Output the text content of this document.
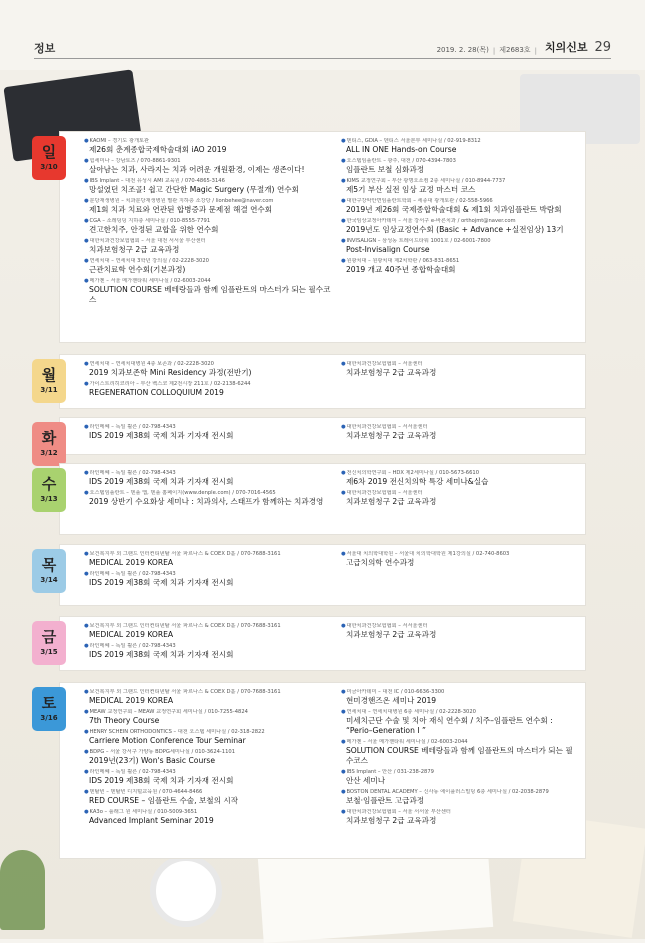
정보	2019. 2. 28(목) | 제2683호 | 치의신보 29
일
3/10
●KAOMI – 경기도 광개토관
제26회 춘계종합국제학술대회 iAO 2019
●힘세미나 – 강남토즈 / 070-8861-9301
살아남는 치과, 사라지는 치과 어려운 개원환경, 이제는 생존이다!
●IBS Implant – 대전 유성시 AMI 교육원 / 070-4865-3146
망설였던 치조골! 쉽고 간단한 Magic Surgery (무절개) 연수회
●분당재생병원 – 치과분당재생병원 별관 지하층 소강당 / lionbehee@naver.com
제1회 치과 치료와 연관된 합병증과 문제점 해결 연수회
●CGA – 소레딩딩 지하층 세미나실 / 010-8555-7791
견고한치주, 안정된 교합을 위한 연수회
●대한치과건강보험협회 – 서울 대전 서서울 부산센터
치과보험청구 2급 교육과정
●연세치대 – 연세치대 3학년 강의실 / 02-2228-3020
근관치료학 연수회(기본과정)
●메가젠 – 서울 메가젠타워 세미나실 / 02-6003-2044
SOLUTION COURSE 베테랑들과 함께 임플란트의 마스터가 되는 필수코스
●덴티스, GDIA – 덴티스 서울본부 세미나실 / 02-919-8312
ALL IN ONE Hands-on Course
●오스템임플란트 – 광주, 대전 / 070-4394-7803
임플란트 보철 심화과정
●KIMS 교정연구회 – 부산 광명오소컴 2층 세미나실 / 010-8944-7737
제5기 부산 실전 임상 교정 마스터 코스
●대한구강악안면임플란트학회 – 세종대 광개토관 / 02-558-5966
2019년 제26회 국제종합학술대회 & 제1회 치과임플란트 박람회
●한국임상교정아카데미 – 서울 강서구 e-바른치과 / orthojmt@naver.com
2019년도 임상교정연수회 (Basic + Advance +실전임상) 13기
●INVISALIGN – 삼성동 트레이드타워 1001호 / 02-6001-7800
Post-Invisalign Course
●원광치대 – 원광치대 제2치학관 / 063-831-8651
2019 개교 40주년 종합학술대회
월
3/11
●연세치대 – 연세치대병원 4층 보존과 / 02-2228-3020
2019 치과보존학 Mini Residency 과정(전반기)
●가이스트리히코리아 – 부산 벡스코 제2전시장 211호 / 02-2138-6244
REGENERATION COLLOQUIUM 2019
●대한치과건강보험협회 – 서울센터
치과보험청구 2급 교육과정
화
3/12
●라인메쎄 – 독일 쾰른 / 02-798-4343
IDS 2019 제38회 국제 치과 기자재 전시회
●대한치과건강보험협회 – 서서울센터
치과보험청구 2급 교육과정
수
3/13
●라인메쎄 – 독일 쾰른 / 02-798-4343
IDS 2019 제38회 국제 치과 기자재 전시회
●오스템임플란트 – 덴플 앱, 덴플 홈페이지(www.denple.com) / 070-7016-4565
2019 상반기 수요화상 세미나 : 치과의사, 스태프가 함께하는 치과경영
●전신치의학연구회 – HDX 제2세미나실 / 010-5673-6610
제6차 2019 전신치의학 특강 세미나&실습
●대한치과건강보험협회 – 서울센터
치과보험청구 2급 교육과정
목
3/14
●보건복지부 외 그랜드 인터컨티넨탈 서울 파르나스 & COEX D홀 / 070-7688-3161
MEDICAL 2019 KOREA
●라인메쎄 – 독일 쾰른 / 02-798-4343
IDS 2019 제38회 국제 치과 기자재 전시회
●서울대 치의학대학원 – 서울대 치의학대학원 제1강의실 / 02-740-8603
고급치의학 연수과정
금
3/15
●보건복지부 외 그랜드 인터컨티넨탈 서울 파르나스 & COEX D홀 / 070-7688-3161
MEDICAL 2019 KOREA
●라인메쎄 – 독일 쾰른 / 02-798-4343
IDS 2019 제38회 국제 치과 기자재 전시회
●대한치과건강보험협회 – 서서울센터
치과보험청구 2급 교육과정
토
3/16
●보건복지부 외 그랜드 인터컨티넨탈 서울 파르나스 & COEX D홀 / 070-7688-3161
MEDICAL 2019 KOREA
●MEAW 교정연구회 – MEAW 교정연구회 세미나실 / 010-7255-4824
7th Theory Course
●HENRY SCHEIN ORTHODONTICS – 대전 오스템 세미나실 / 02-318-2822
Carriere Motion Conference Tour Seminar
●BDPG – 서울 강서구 가양동 BDPG세미나실 / 010-3624-1101
2019년(23기) Won's Basic Course
●라인메쎄 – 독일 쾰른 / 02-798-4343
IDS 2019 제38회 국제 치과 기자재 전시회
●덴탈빈 – 덴탈빈 디지털교육원 / 070-4644-8466
RED COURSE – 임플란트 수술, 보철의 시작
●KA3o – 플래그 원 세미나실 / 010-5009-3651
Advanced Implant Seminar 2019
●미금아카데미 – 대전 IC / 010-6636-3300
현미경핸즈온 세미나 2019
●연세치대 – 연세치대병원 6층 세미나실 / 02-2228-3020
미세치근단 수술 및 치아 재식 연수회 / 치주–임플란트 연수회 : “Perio–Generation I ”
●메가젠 – 서울 메가젠타워 세미나실 / 02-6003-2044
SOLUTION COURSE 베테랑들과 함께 임플란트의 마스터가 되는 필수코스
●IBS Implant – 안산 / 031-238-2879
안산 세미나
●BOSTON DENTAL ACADEMY – 신사동 에이플러스빌딩 6층 세미나실 / 02-2038-2879
보철·임플란트 고급과정
●대한치과건강보험협회 – 서울 서서울 부산센터
치과보험청구 2급 교육과정
